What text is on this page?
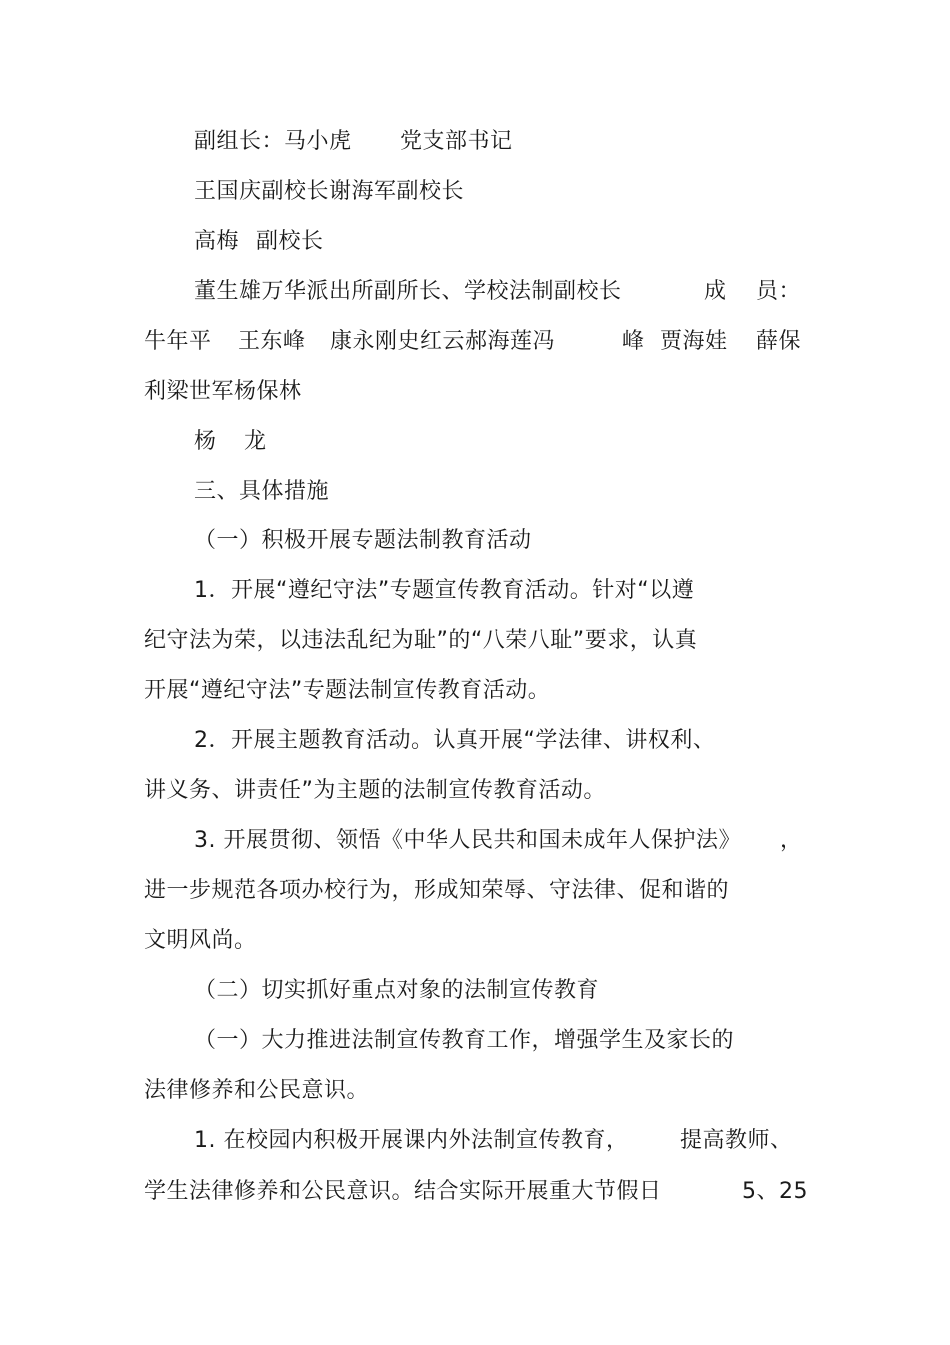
副组长：马小虎 党支部书记
王国庆副校长谢海军副校长
高梅 副校长
董生雄万华派出所副所长、学校法制副校长	成 员：
牛年平 王东峰 康永刚史红云郝海莲冯	峰 贾海娃 薛保
利梁世军杨保林
杨 龙
三、具体措施
（一）积极开展专题法制教育活动
1．开展“遵纪守法”专题宣传教育活动。针对“以遵
纪守法为荣，以违法乱纪为耻”的“八荣八耻”要求，认真
开展“遵纪守法”专题法制宣传教育活动。
2．开展主题教育活动。认真开展“学法律、讲权利、
讲义务、讲责任”为主题的法制宣传教育活动。
3. 开展贯彻、领悟《中华人民共和国未成年人保护法》 ，
进一步规范各项办校行为，形成知荣辱、守法律、促和谐的
文明风尚。
（二）切实抓好重点对象的法制宣传教育
（一）大力推进法制宣传教育工作，增强学生及家长的
法律修养和公民意识。
1. 在校园内积极开展课内外法制宣传教育， 提高教师、
学生法律修养和公民意识。结合实际开展重大节假日	5、25
